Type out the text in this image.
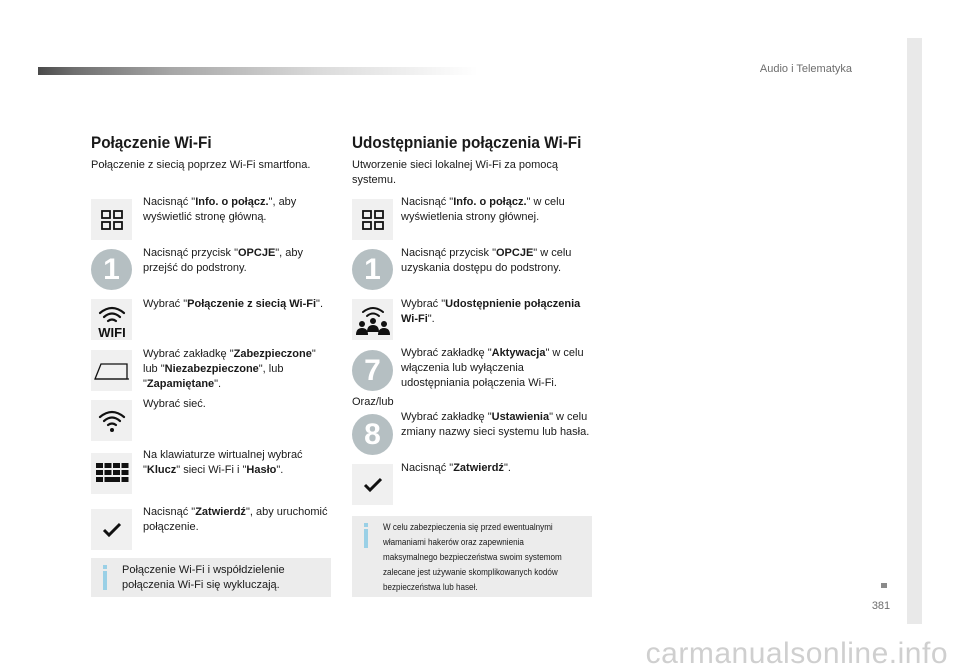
Audio i Telematyka
381
carmanualsonline.info
Połączenie Wi-Fi
Połączenie z siecią poprzez Wi-Fi smartfona.
Nacisnąć "Info. o połącz.", aby wyświetlić stronę główną.
1	Nacisnąć przycisk "OPCJE", aby przejść do podstrony.
WIFI
Wybrać "Połączenie z siecią Wi-Fi".
Wybrać zakładkę "Zabezpieczone" lub "Niezabezpieczone", lub "Zapamiętane".
Wybrać sieć.
Na klawiaturze wirtualnej wybrać "Klucz" sieci Wi-Fi i "Hasło".
Nacisnąć "Zatwierdź", aby uruchomić połączenie.
Połączenie Wi-Fi i współdzielenie połączenia Wi-Fi się wykluczają.
Udostępnianie połączenia Wi-Fi
Utworzenie sieci lokalnej Wi-Fi za pomocą systemu.
Nacisnąć "Info. o połącz." w celu wyświetlenia strony głównej.
1	Nacisnąć przycisk "OPCJE" w celu uzyskania dostępu do podstrony.
Wybrać "Udostępnienie połączenia Wi-Fi".
7
Wybrać zakładkę "Aktywacja" w celu włączenia lub wyłączenia udostępniania połączenia Wi-Fi.
Oraz/lub
8
Wybrać zakładkę "Ustawienia" w celu zmiany nazwy sieci systemu lub hasła.
Nacisnąć "Zatwierdź".
W celu zabezpieczenia się przed ewentualnymi
włamaniami hakerów oraz zapewnienia
maksymalnego bezpieczeństwa swoim systemom
zalecane jest używanie skomplikowanych kodów
bezpieczeństwa lub haseł.
